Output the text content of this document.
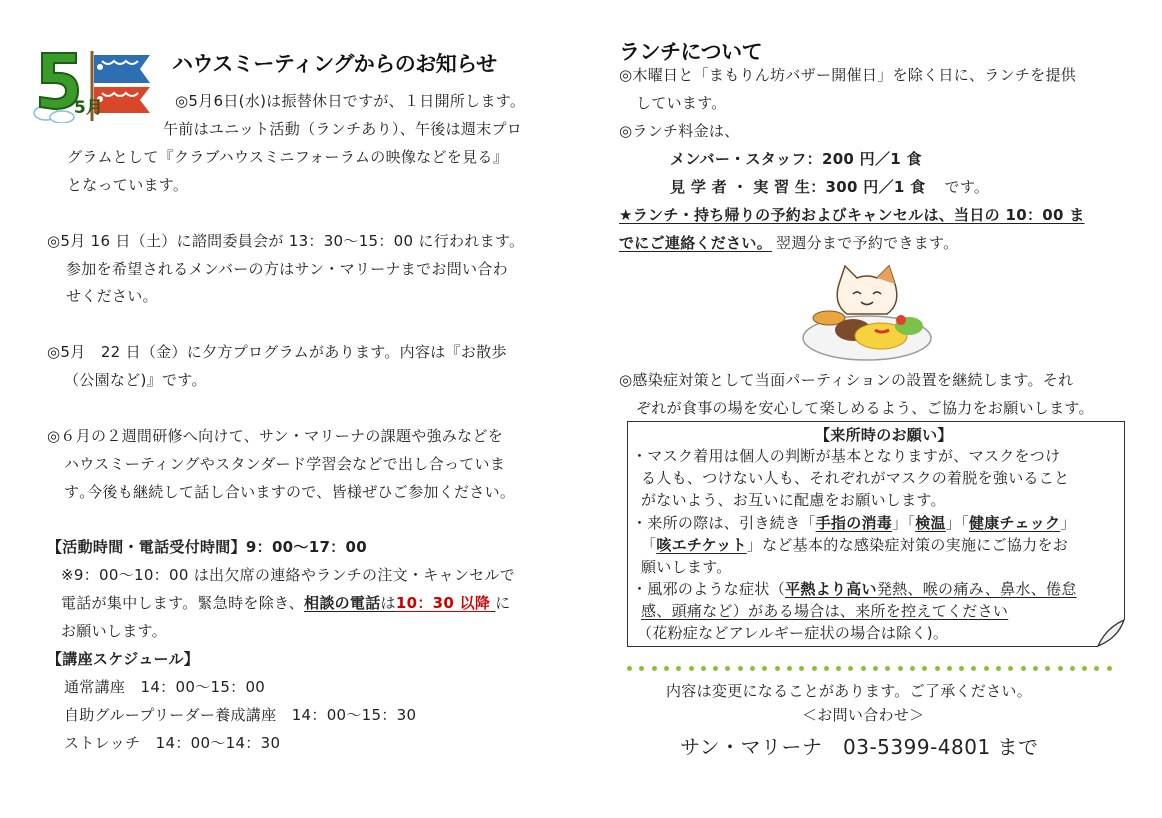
5月
ハウスミーティングからのお知らせ
◎5月6日(水)は振替休日ですが、１日開所します。
午前はユニット活動（ランチあり）、午後は週末プロ
グラムとして『クラブハウスミニフォーラムの映像などを見る』
となっています。
◎5月 16 日（土）に諮問委員会が 13：30〜15：00 に行われます。
参加を希望されるメンバーの方はサン・マリーナまでお問い合わ
せください。
◎5月　22 日（金）に夕方プログラムがあります。内容は『お散歩
（公園など)』です。
◎６月の２週間研修へ向けて、サン・マリーナの課題や強みなどを
ハウスミーティングやスタンダード学習会などで出し合っていま
す｡今後も継続して話し合いますので、皆様ぜひご参加ください。
【活動時間・電話受付時間】9：00〜17：00
※9：00〜10：00 は出欠席の連絡やランチの注文・キャンセルで
電話が集中します。緊急時を除き、相談の電話は10：30 以降 に
お願いします。
【講座スケジュール】
通常講座　14：00〜15：00
自助グループリーダー養成講座　14：00〜15：30
ストレッチ　14：00〜14：30
ランチについて
◎木曜日と「まもりん坊バザー開催日」を除く日に、ランチを提供
しています。
◎ランチ料金は、
メンバー・スタッフ：200 円／1 食
見 学 者 ・ 実 習 生：300 円／1 食 です。
★ランチ・持ち帰りの予約およびキャンセルは、当日の 10：00 ま
でにご連絡ください。 翌週分まで予約できます。
◎感染症対策として当面パーティションの設置を継続します。それ
ぞれが食事の場を安心して楽しめるよう、ご協力をお願いします。
【来所時のお願い】
・マスク着用は個人の判断が基本となりますが、マスクをつけ
る人も、つけない人も、それぞれがマスクの着脱を強いること
がないよう、お互いに配慮をお願いします。
・来所の際は、引き続き「手指の消毒」「検温」「健康チェック」
「咳エチケット」など基本的な感染症対策の実施にご協力をお
願いします。
・風邪のような症状（平熱より高い発熱、喉の痛み、鼻水、倦怠
感、頭痛など）がある場合は、来所を控えてください
（花粉症などアレルギー症状の場合は除く)。
内容は変更になることがあります。ご了承ください。
＜お問い合わせ＞
サン・マリーナ　03-5399-4801 まで
